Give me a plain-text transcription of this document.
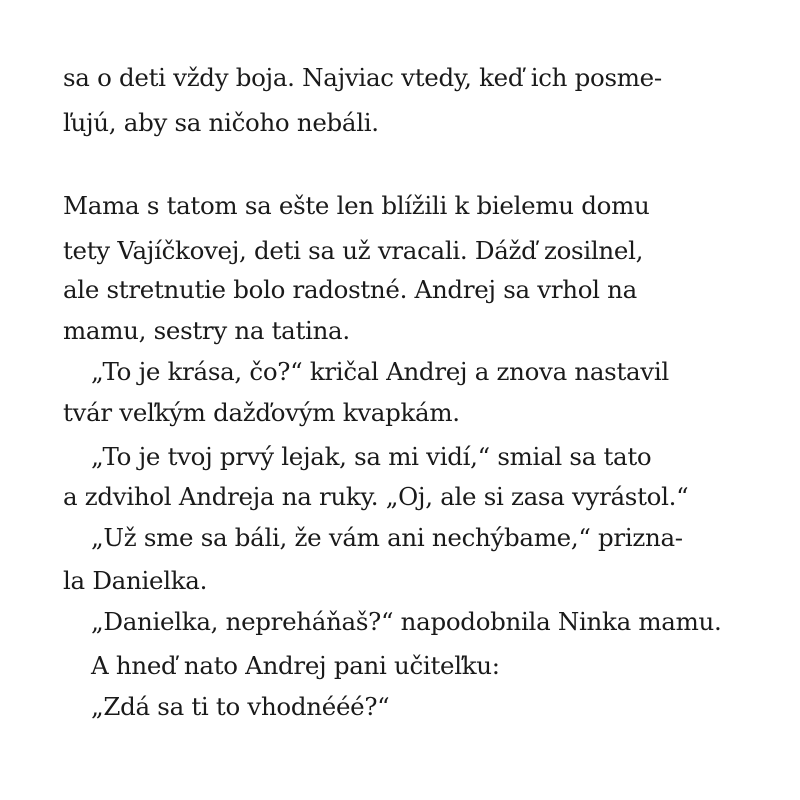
sa o deti vždy boja. Najviac vtedy, keď ich posme-
ľujú, aby sa ničoho nebáli.
Mama s tatom sa ešte len blížili k bielemu domu
tety Vajíčkovej, deti sa už vracali. Dážď zosilnel,
ale stretnutie bolo radostné. Andrej sa vrhol na
mamu, sestry na tatina.
„To je krása, čo?“ kričal Andrej a znova nastavil
tvár veľkým dažďovým kvapkám.
„To je tvoj prvý lejak, sa mi vidí,“ smial sa tato
a zdvihol Andreja na ruky. „Oj, ale si zasa vyrástol.“
„Už sme sa báli, že vám ani nechýbame,“ prizna-
la Danielka.
„Danielka, nepreháňaš?“ napodobnila Ninka mamu.
A hneď nato Andrej pani učiteľku:
„Zdá sa ti to vhodnééé?“
